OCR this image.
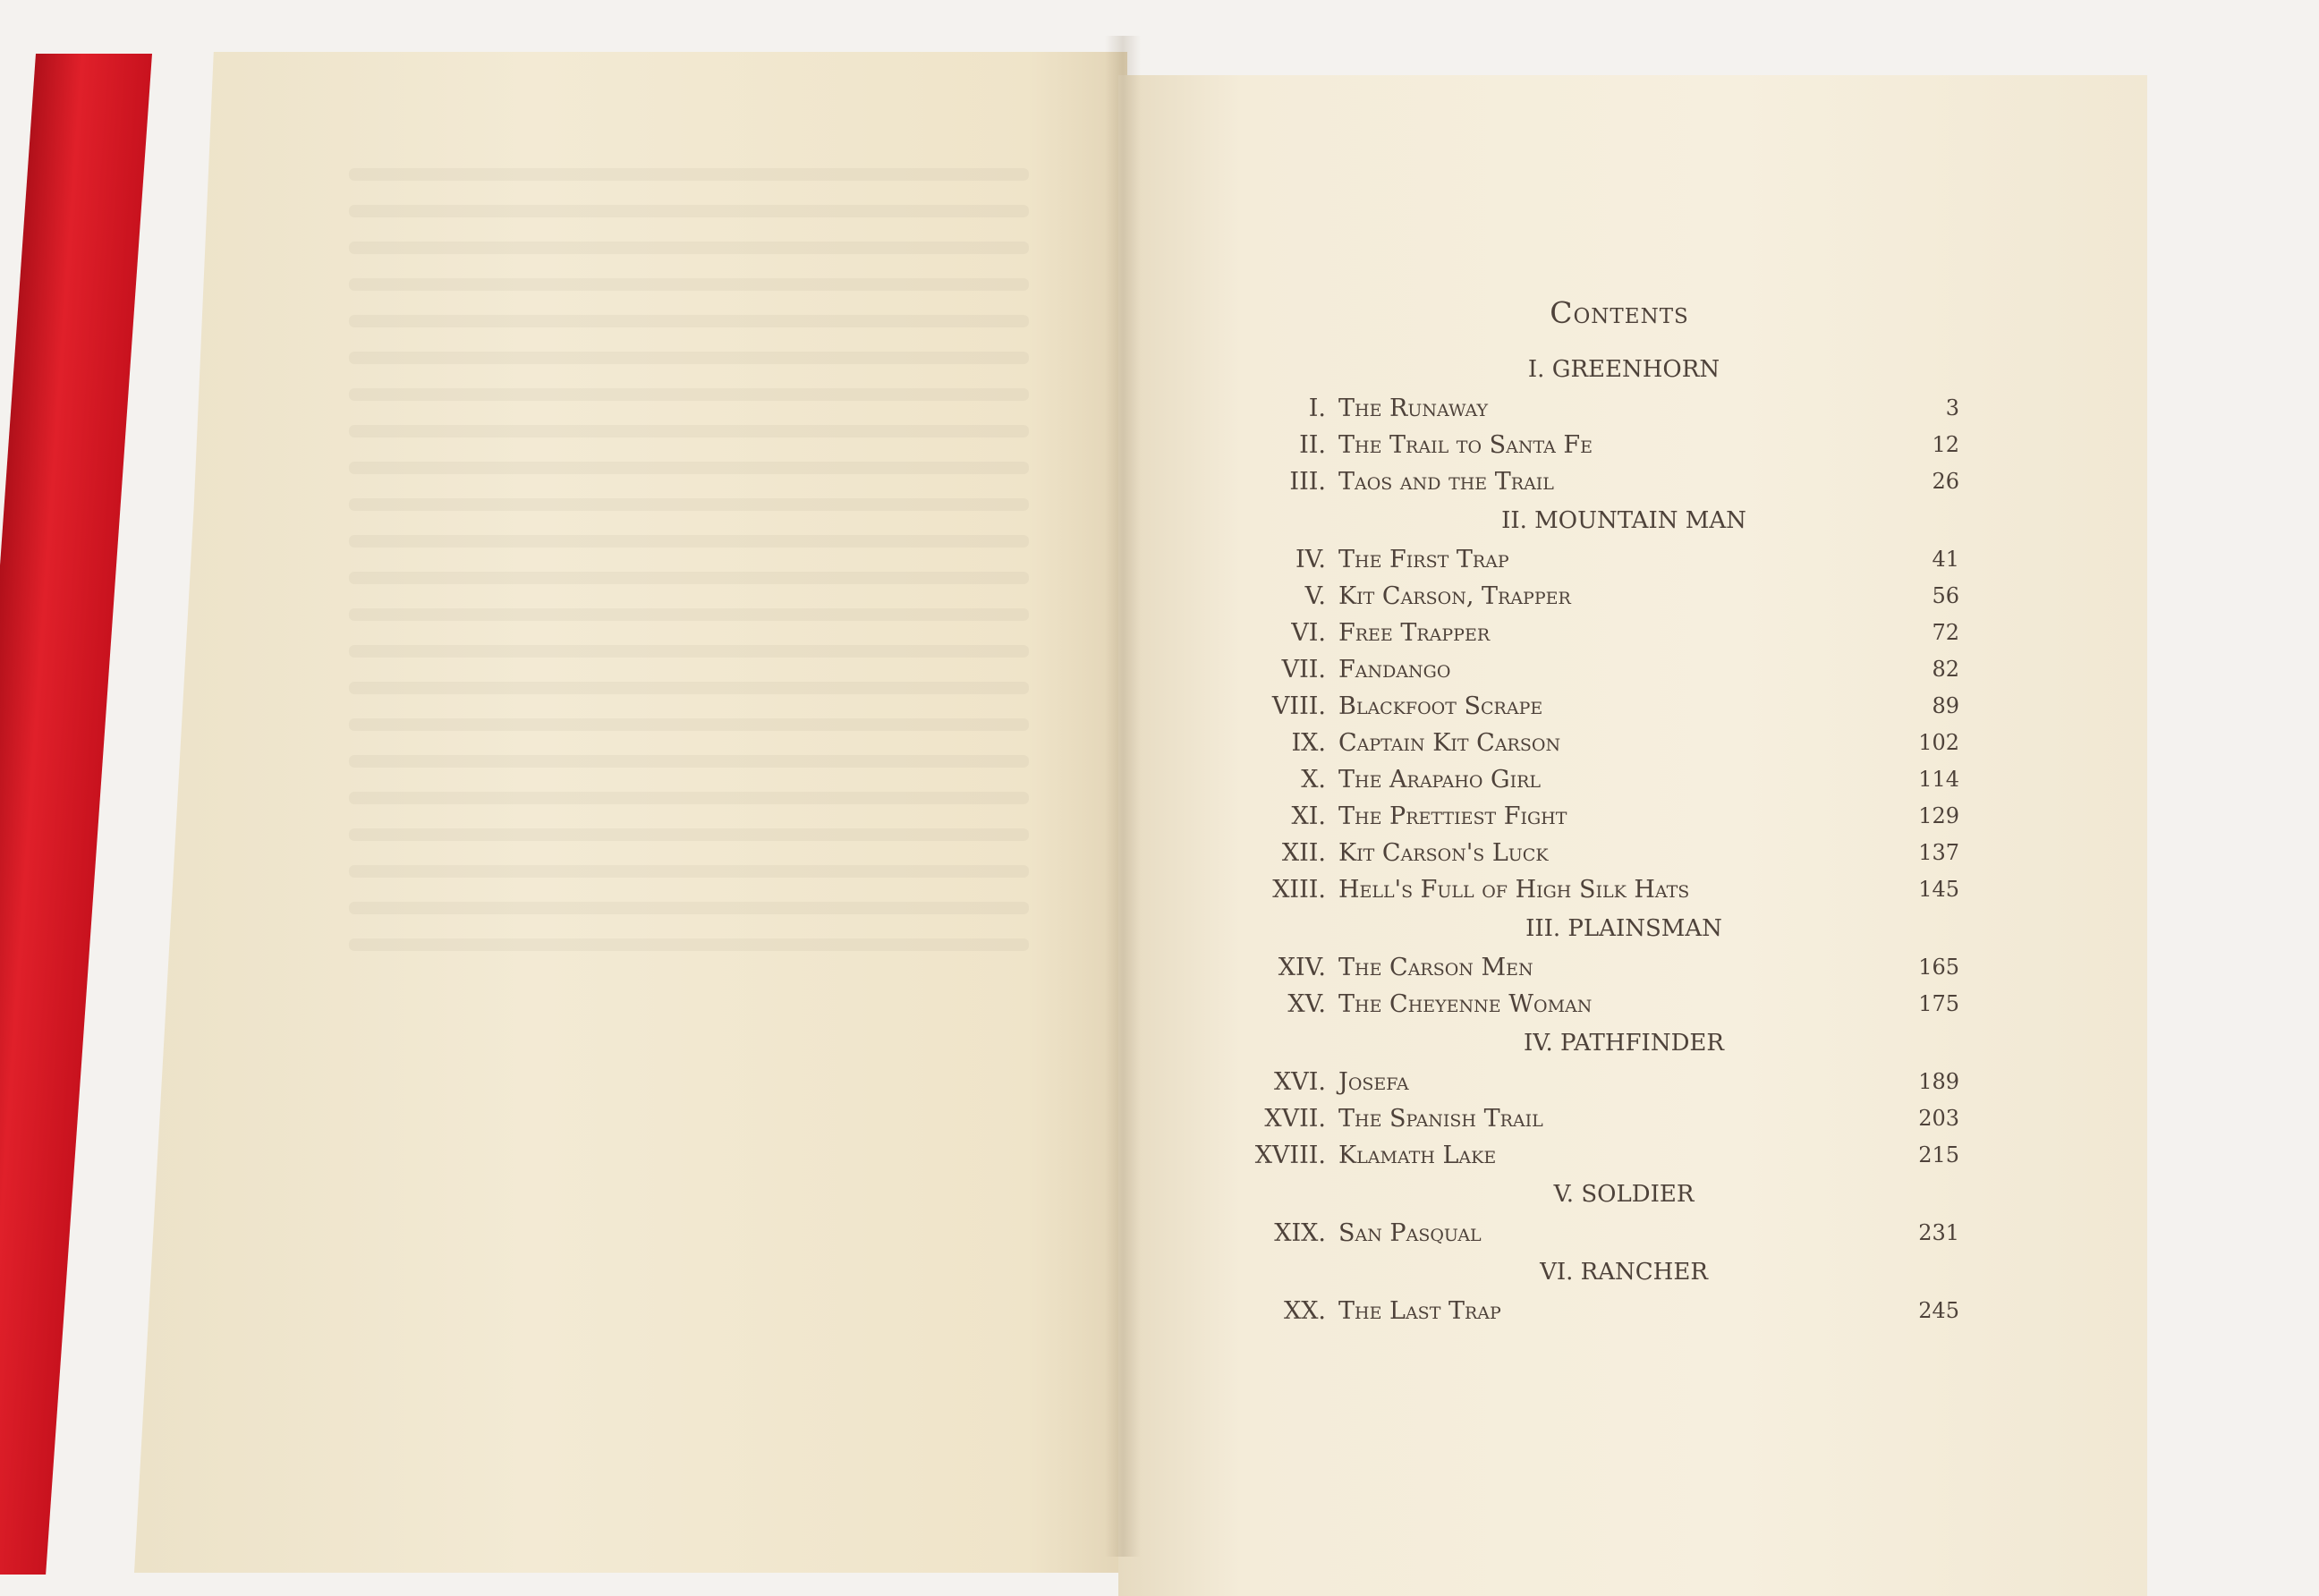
Contents
I. GREENHORN
I. The Runaway	3
II. The Trail to Santa Fe	12
III. Taos and the Trail	26
II. MOUNTAIN MAN
IV. The First Trap	41
V. Kit Carson, Trapper	56
VI. Free Trapper	72
VII. Fandango	82
VIII. Blackfoot Scrape	89
IX. Captain Kit Carson	102
X. The Arapaho Girl	114
XI. The Prettiest Fight	129
XII. Kit Carson's Luck	137
XIII. Hell's Full of High Silk Hats	145
III. PLAINSMAN
XIV. The Carson Men	165
XV. The Cheyenne Woman	175
IV. PATHFINDER
XVI. Josefa	189
XVII. The Spanish Trail	203
XVIII. Klamath Lake	215
V. SOLDIER
XIX. San Pasqual	231
VI. RANCHER
XX. The Last Trap	245
